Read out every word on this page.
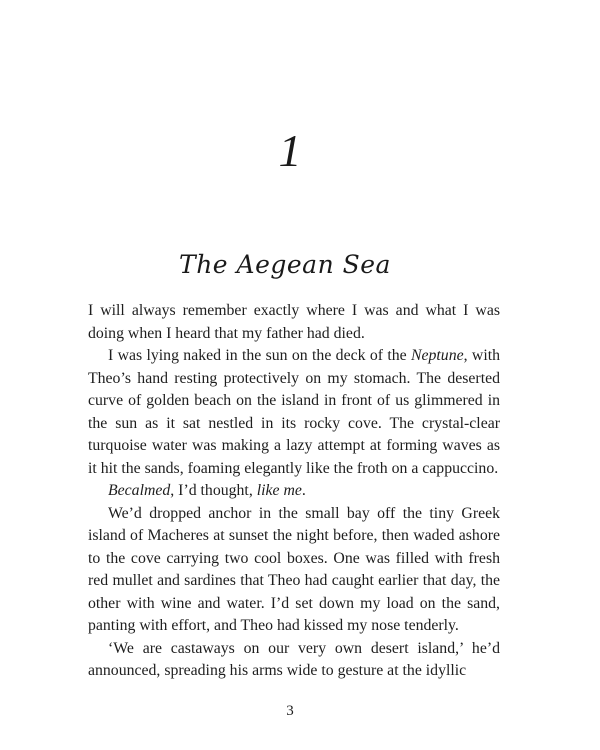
1
The Aegean Sea

I will always remember exactly where I was and what I was doing when I heard that my father had died.

I was lying naked in the sun on the deck of the Neptune, with Theo’s hand resting protectively on my stomach. The deserted curve of golden beach on the island in front of us glimmered in the sun as it sat nestled in its rocky cove. The crystal-clear turquoise water was making a lazy attempt at forming waves as it hit the sands, foaming elegantly like the froth on a cappuccino.

Becalmed, I’d thought, like me.

We’d dropped anchor in the small bay off the tiny Greek island of Macheres at sunset the night before, then waded ashore to the cove carrying two cool boxes. One was filled with fresh red mullet and sardines that Theo had caught earlier that day, the other with wine and water. I’d set down my load on the sand, panting with effort, and Theo had kissed my nose tenderly.

‘We are castaways on our very own desert island,’ he’d announced, spreading his arms wide to gesture at the idyllic

3
